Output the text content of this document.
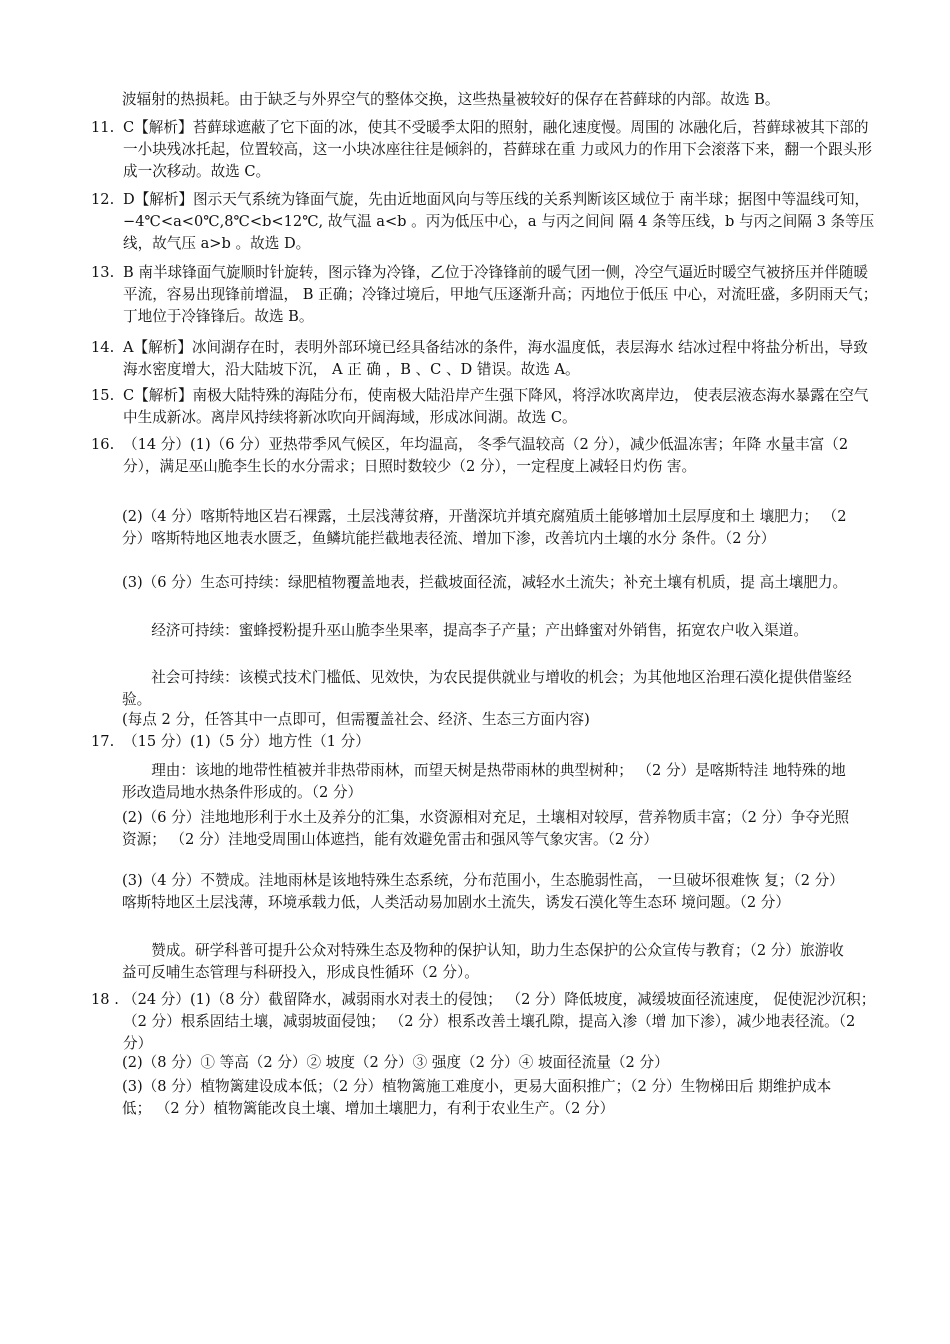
波辐射的热损耗。由于缺乏与外界空气的整体交换，这些热量被较好的保存在苔藓球的内部。故选 B。

11. C【解析】苔藓球遮蔽了它下面的冰，使其不受暖季太阳的照射，融化速度慢。周围的 冰融化后，苔藓球被其下部的一小块残冰托起，位置较高，这一小块冰座往往是倾斜的，苔藓球在重 力或风力的作用下会滚落下来，翻一个跟头形成一次移动。故选 C。
12. D【解析】图示天气系统为锋面气旋，先由近地面风向与等压线的关系判断该区域位于 南半球；据图中等温线可知，−4℃<a<0℃,8℃<b<12℃, 故气温 a<b 。丙为低压中心，a 与丙之间间 隔 4 条等压线，b 与丙之间隔 3 条等压线，故气压 a>b 。故选 D。
13. B 南半球锋面气旋顺时针旋转，图示锋为冷锋，乙位于冷锋锋前的暖气团一侧，冷空气逼近时暖空气被挤压并伴随暖平流，容易出现锋前增温， B 正确；冷锋过境后，甲地气压逐渐升高；丙地位于低压 中心，对流旺盛，多阴雨天气；丁地位于冷锋锋后。故选 B。
14. A【解析】冰间湖存在时，表明外部环境已经具备结冰的条件，海水温度低，表层海水 结冰过程中将盐分析出，导致海水密度增大，沿大陆坡下沉， A 正 确 ，B 、C 、D 错误。故选 A。
15. C【解析】南极大陆特殊的海陆分布，使南极大陆沿岸产生强下降风，将浮冰吹离岸边， 使表层液态海水暴露在空气中生成新冰。离岸风持续将新冰吹向开阔海域，形成冰间湖。故选 C。
16. （14 分）(1)（6 分）亚热带季风气候区，年均温高， 冬季气温较高（2 分），减少低温冻害；年降 水量丰富（2 分），满足巫山脆李生长的水分需求；日照时数较少（2 分），一定程度上减轻日灼伤 害。

(2)（4 分）喀斯特地区岩石裸露，土层浅薄贫瘠，开凿深坑并填充腐殖质土能够增加土层厚度和土 壤肥力； （2 分）喀斯特地区地表水匮乏，鱼鳞坑能拦截地表径流、增加下渗，改善坑内土壤的水分 条件。（2 分）

(3)（6 分）生态可持续：绿肥植物覆盖地表，拦截坡面径流，减轻水土流失；补充土壤有机质，提 高土壤肥力。

经济可持续：蜜蜂授粉提升巫山脆李坐果率，提高李子产量；产出蜂蜜对外销售，拓宽农户收入渠道。

社会可持续：该模式技术门槛低、见效快，为农民提供就业与增收的机会；为其他地区治理石漠化提供借鉴经验。

(每点 2 分，任答其中一点即可，但需覆盖社会、经济、生态三方面内容)

17. （15 分）(1)（5 分）地方性（1 分）

理由：该地的地带性植被并非热带雨林，而望天树是热带雨林的典型树种； （2 分）是喀斯特洼 地特殊的地形改造局地水热条件形成的。（2 分）

(2)（6 分）洼地地形利于水土及养分的汇集，水资源相对充足，土壤相对较厚，营养物质丰富；（2 分）争夺光照资源； （2 分）洼地受周围山体遮挡，能有效避免雷击和强风等气象灾害。（2 分）

(3)（4 分）不赞成。洼地雨林是该地特殊生态系统，分布范围小，生态脆弱性高， 一旦破坏很难恢 复；（2 分）喀斯特地区土层浅薄，环境承载力低，人类活动易加剧水土流失，诱发石漠化等生态环 境问题。（2 分）

赞成。研学科普可提升公众对特殊生态及物种的保护认知，助力生态保护的公众宣传与教育；（2 分）旅游收益可反哺生态管理与科研投入，形成良性循环（2 分）。

18 . （24 分）(1)（8 分）截留降水，减弱雨水对表土的侵蚀； （2 分）降低坡度，减缓坡面径流速度， 促使泥沙沉积； （2 分）根系固结土壤，减弱坡面侵蚀； （2 分）根系改善土壤孔隙，提高入渗（增 加下渗），减少地表径流。（2 分）

(2)（8 分）① 等高（2 分）② 坡度（2 分）③ 强度（2 分）④ 坡面径流量（2 分）

(3)（8 分）植物篱建设成本低；（2 分）植物篱施工难度小，更易大面积推广；（2 分）生物梯田后 期维护成本低； （2 分）植物篱能改良土壤、增加土壤肥力，有利于农业生产。（2 分）
